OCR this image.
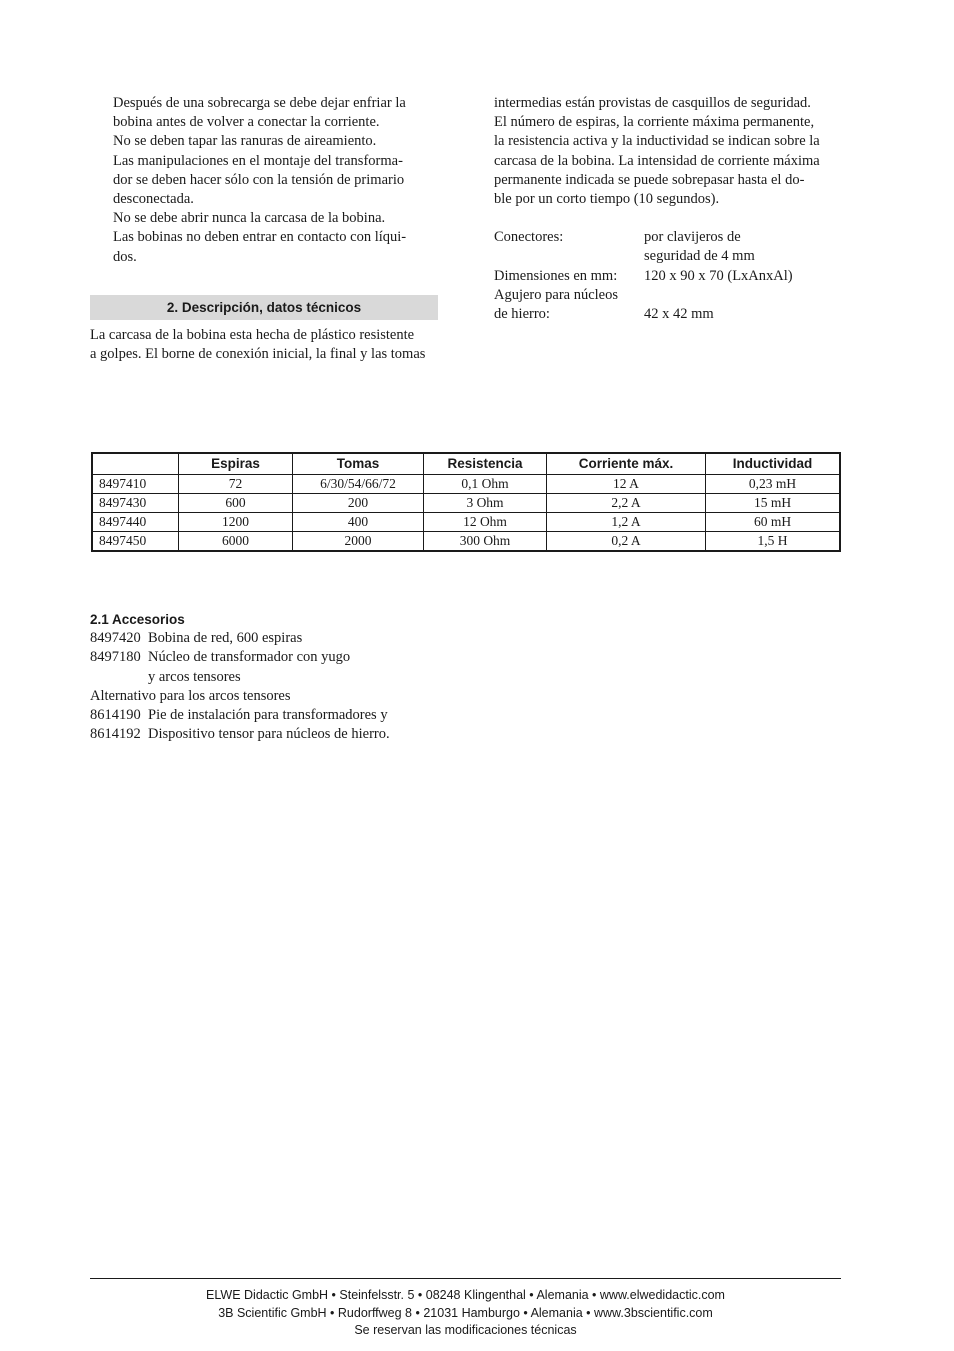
Después de una sobrecarga se debe dejar enfriar la
bobina antes de volver a conectar la corriente.
No se deben tapar las ranuras de aireamiento.
Las manipulaciones en el montaje del transforma-
dor se deben hacer sólo con la tensión de primario
desconectada.
No se debe abrir nunca la carcasa de la bobina.
Las bobinas no deben entrar en contacto con líqui-
dos.
2. Descripción, datos técnicos
La carcasa de la bobina esta hecha de plástico resistente
a golpes. El borne de conexión inicial, la final y las tomas
intermedias están provistas de casquillos de seguridad.
El número de espiras, la corriente máxima permanente,
la resistencia activa y la inductividad se indican sobre la
carcasa de la bobina. La intensidad de corriente máxima
permanente indicada se puede sobrepasar hasta el do-
ble por un corto tiempo (10 segundos).
Conectores:	por clavijeros de
	seguridad de 4 mm
Dimensiones en mm:	120 x 90 x 70 (LxAnxAl)
Agujero para núcleos	
de hierro:	42 x 42 mm
	Espiras	Tomas	Resistencia	Corriente máx.	Inductividad
8497410	72	6/30/54/66/72	0,1 Ohm	12 A	0,23 mH
8497430	600	200	3 Ohm	2,2 A	15 mH
8497440	1200	400	12 Ohm	1,2 A	60 mH
8497450	6000	2000	300 Ohm	0,2 A	1,5 H
2.1 Accesorios
8497420 Bobina de red, 600 espiras
8497180 Núcleo de transformador con yugo
y arcos tensores
Alternativo para los arcos tensores
8614190 Pie de instalación para transformadores y
8614192 Dispositivo tensor para núcleos de hierro.
ELWE Didactic GmbH • Steinfelsstr. 5 • 08248 Klingenthal • Alemania • www.elwedidactic.com
3B Scientific GmbH • Rudorffweg 8 • 21031 Hamburgo • Alemania • www.3bscientific.com
Se reservan las modificaciones técnicas
